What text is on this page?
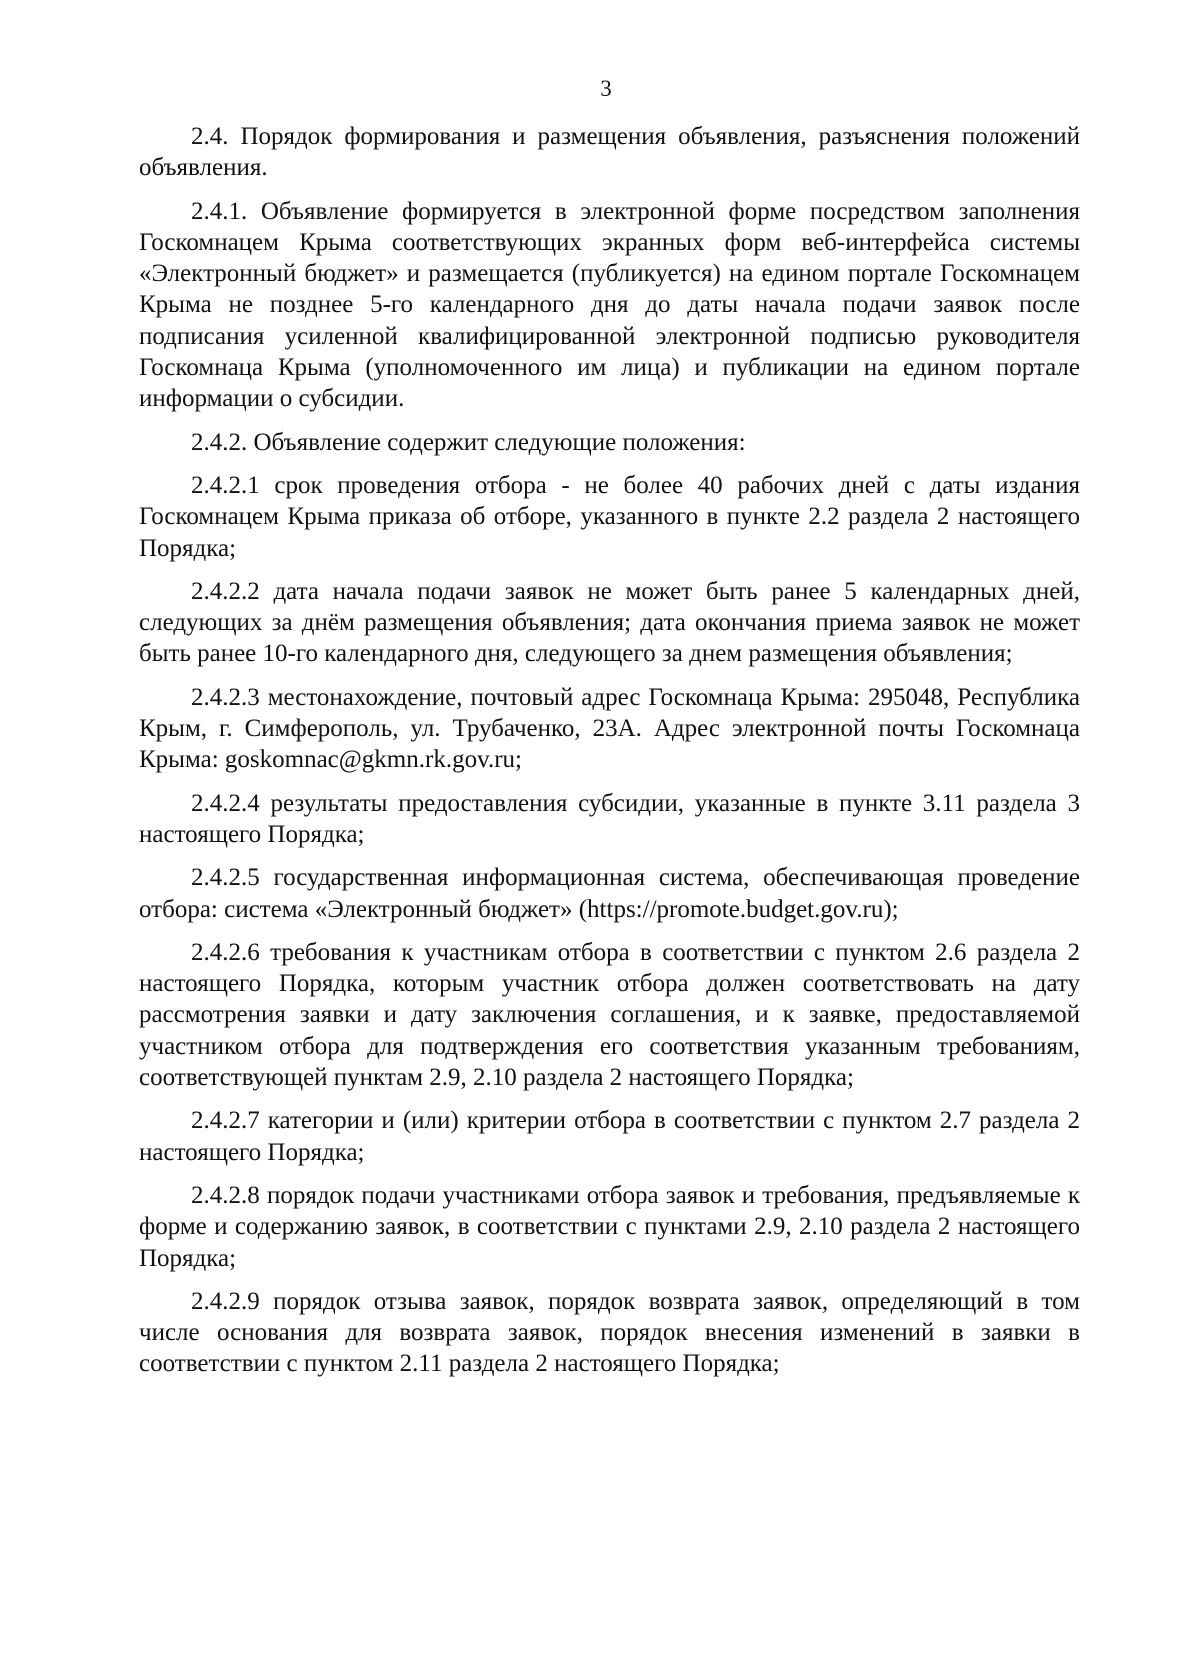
3

2.4. Порядок формирования и размещения объявления, разъяснения положений объявления.

2.4.1. Объявление формируется в электронной форме посредством заполнения Госкомнацем Крыма соответствующих экранных форм веб-интерфейса системы «Электронный бюджет» и размещается (публикуется) на едином портале Госкомнацем Крыма не позднее 5-го календарного дня до даты начала подачи заявок после подписания усиленной квалифицированной электронной подписью руководителя Госкомнаца Крыма (уполномоченного им лица) и публикации на едином портале информации о субсидии.

2.4.2. Объявление содержит следующие положения:

2.4.2.1 срок проведения отбора - не более 40 рабочих дней с даты издания Госкомнацем Крыма приказа об отборе, указанного в пункте 2.2 раздела 2 настоящего Порядка;

2.4.2.2 дата начала подачи заявок не может быть ранее 5 календарных дней, следующих за днём размещения объявления; дата окончания приема заявок не может быть ранее 10-го календарного дня, следующего за днем размещения объявления;

2.4.2.3 местонахождение, почтовый адрес Госкомнаца Крыма: 295048, Республика Крым, г. Симферополь, ул. Трубаченко, 23А. Адрес электронной почты Госкомнаца Крыма: goskomnac@gkmn.rk.gov.ru;

2.4.2.4 результаты предоставления субсидии, указанные в пункте 3.11 раздела 3 настоящего Порядка;

2.4.2.5 государственная информационная система, обеспечивающая проведение отбора: система «Электронный бюджет» (https://promote.budget.gov.ru);

2.4.2.6 требования к участникам отбора в соответствии с пунктом 2.6 раздела 2 настоящего Порядка, которым участник отбора должен соответствовать на дату рассмотрения заявки и дату заключения соглашения, и к заявке, предоставляемой участником отбора для подтверждения его соответствия указанным требованиям, соответствующей пунктам 2.9, 2.10 раздела 2 настоящего Порядка;

2.4.2.7 категории и (или) критерии отбора в соответствии с пунктом 2.7 раздела 2 настоящего Порядка;

2.4.2.8 порядок подачи участниками отбора заявок и требования, предъявляемые к форме и содержанию заявок, в соответствии с пунктами 2.9, 2.10 раздела 2 настоящего Порядка;

2.4.2.9 порядок отзыва заявок, порядок возврата заявок, определяющий в том числе основания для возврата заявок, порядок внесения изменений в заявки в соответствии с пунктом 2.11 раздела 2 настоящего Порядка;
